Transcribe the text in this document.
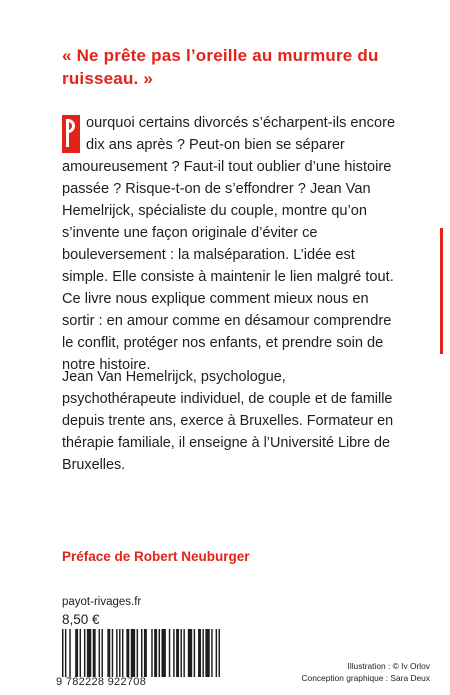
« Ne prête pas l’oreille au murmure du ruisseau. »

ourquoi certains divorcés s’écharpent-ils encore dix ans après ? Peut-on bien se séparer amoureusement ? Faut-il tout oublier d’une histoire passée ? Risque-t-on de s’effondrer ? Jean Van Hemelrijck, spécialiste du couple, montre qu’on s’invente une façon originale d’éviter ce bouleversement : la malséparation. L’idée est simple. Elle consiste à maintenir le lien malgré tout. Ce livre nous explique comment mieux nous en sortir : en amour comme en désamour comprendre le conflit, protéger nos enfants, et prendre soin de notre histoire.

Jean Van Hemelrijck, psychologue, psychothérapeute individuel, de couple et de famille depuis trente ans, exerce à Bruxelles. Formateur en thérapie familiale, il enseigne à l’Université Libre de Bruxelles.

Préface de Robert Neuburger

payot-rivages.fr
8,50 €
9 782228 922708
Illustration : © Iv Orlov
Conception graphique : Sara Deux
